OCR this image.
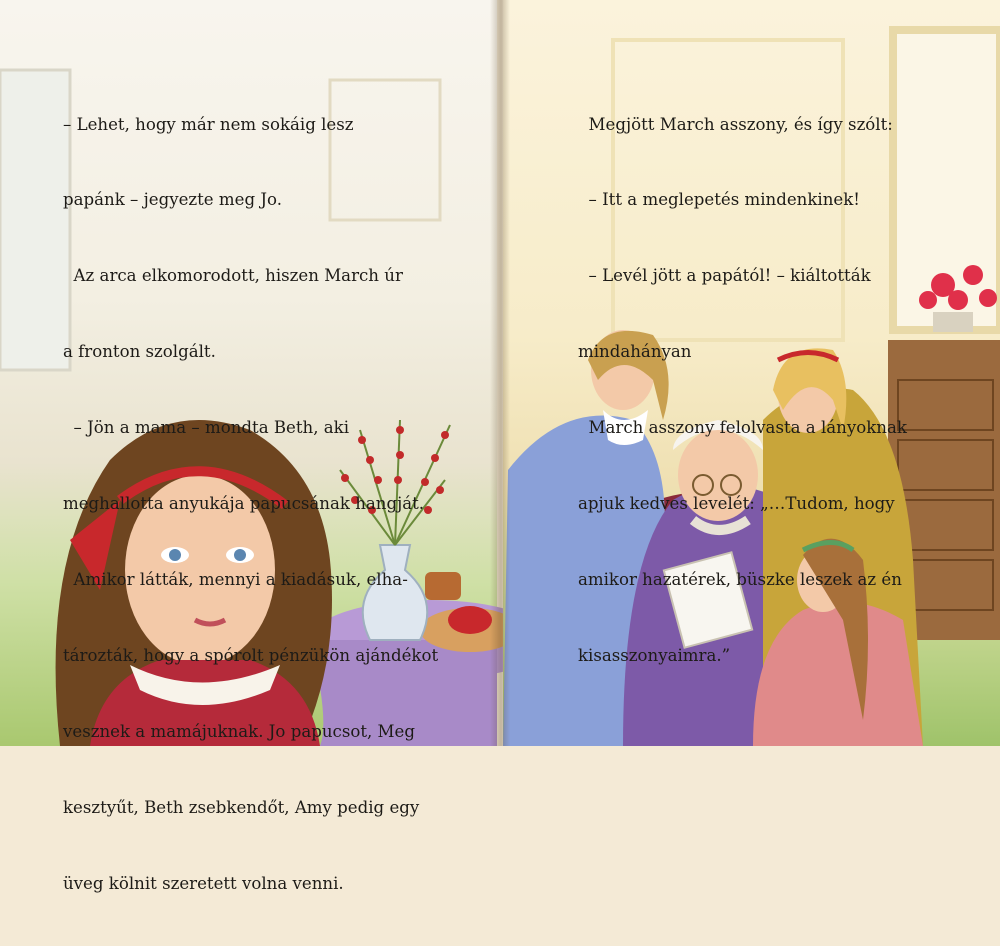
– Lehet, hogy már nem sokáig lesz

papánk – jegyezte meg Jo.

Az arca elkomorodott, hiszen March úr

a fronton szolgált.

– Jön a mama – mondta Beth, aki

meghallotta anyukája papucsának hangját.

Amikor látták, mennyi a kiadásuk, elha-

tározták, hogy a spórolt pénzükön ajándékot

vesznek a mamájuknak. Jo papucsot, Meg

kesztyűt, Beth zsebkendőt, Amy pedig egy

üveg kölnit szeretett volna venni.

Megjött March asszony, és így szólt:

– Itt a meglepetés mindenkinek!

– Levél jött a papától! – kiáltották

mindahányan

March asszony felolvasta a lányoknak

apjuk kedves levelét: „…Tudom, hogy

amikor hazatérek, büszke leszek az én

kisasszonyaimra.”
